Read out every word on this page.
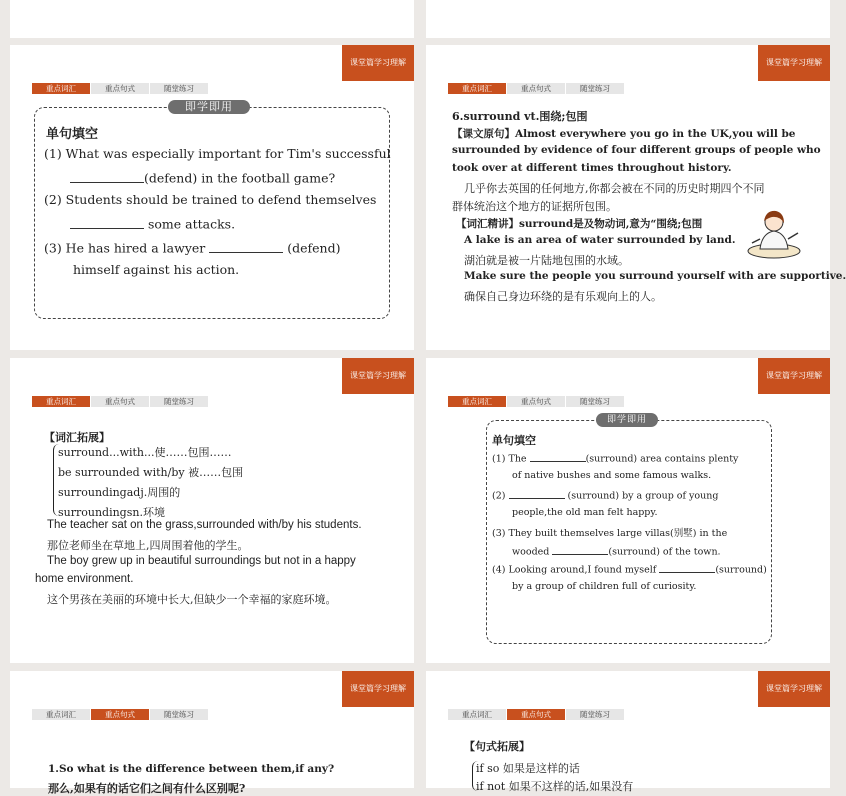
课堂篇学习理解
重点词汇	重点句式	随堂练习
即学即用
单句填空
(1) What was especially important for Tim's successful
(defend) in the football game?
(2) Students should be trained to defend themselves
some attacks.
(3) He has hired a lawyer	(defend)
himself against his action.
课堂篇学习理解
重点词汇	重点句式	随堂练习
6.surround vt.围绕;包围
【课文原句】Almost everywhere you go in the UK,you will be
surrounded by evidence of four different groups of people who
took over at different times throughout history.
几乎你去英国的任何地方,你都会被在不同的历史时期四个不同
群体统治这个地方的证据所包围。
【词汇精讲】surround是及物动词,意为“围绕;包围
A lake is an area of water surrounded by land.
湖泊就是被一片陆地包围的水域。
Make sure the people you surround yourself with are supportive.
确保自己身边环绕的是有乐观向上的人。
课堂篇学习理解
重点词汇	重点句式	随堂练习
【词汇拓展】
surround...with...使……包围……
be surrounded with/by 被……包围
surroundingadj.周围的
surroundingsn.环境
The teacher sat on the grass,surrounded with/by his students.
那位老师坐在草地上,四周围着他的学生。
The boy grew up in beautiful surroundings but not in a happy
home environment.
这个男孩在美丽的环境中长大,但缺少一个幸福的家庭环境。
课堂篇学习理解
重点词汇	重点句式	随堂练习
即学即用
单句填空
(1) The	(surround) area contains plenty
of native bushes and some famous walks.
(2)	(surround) by a group of young
people,the old man felt happy.
(3) They built themselves large villas(别墅) in the
wooded	(surround) of the town.
(4) Looking around,I found myself	(surround)
by a group of children full of curiosity.
课堂篇学习理解
重点词汇	重点句式	随堂练习
1.So what is the difference between them,if any?
那么,如果有的话它们之间有什么区别呢?
课堂篇学习理解
重点词汇	重点句式	随堂练习
【句式拓展】
if so 如果是这样的话
if not 如果不这样的话,如果没有
